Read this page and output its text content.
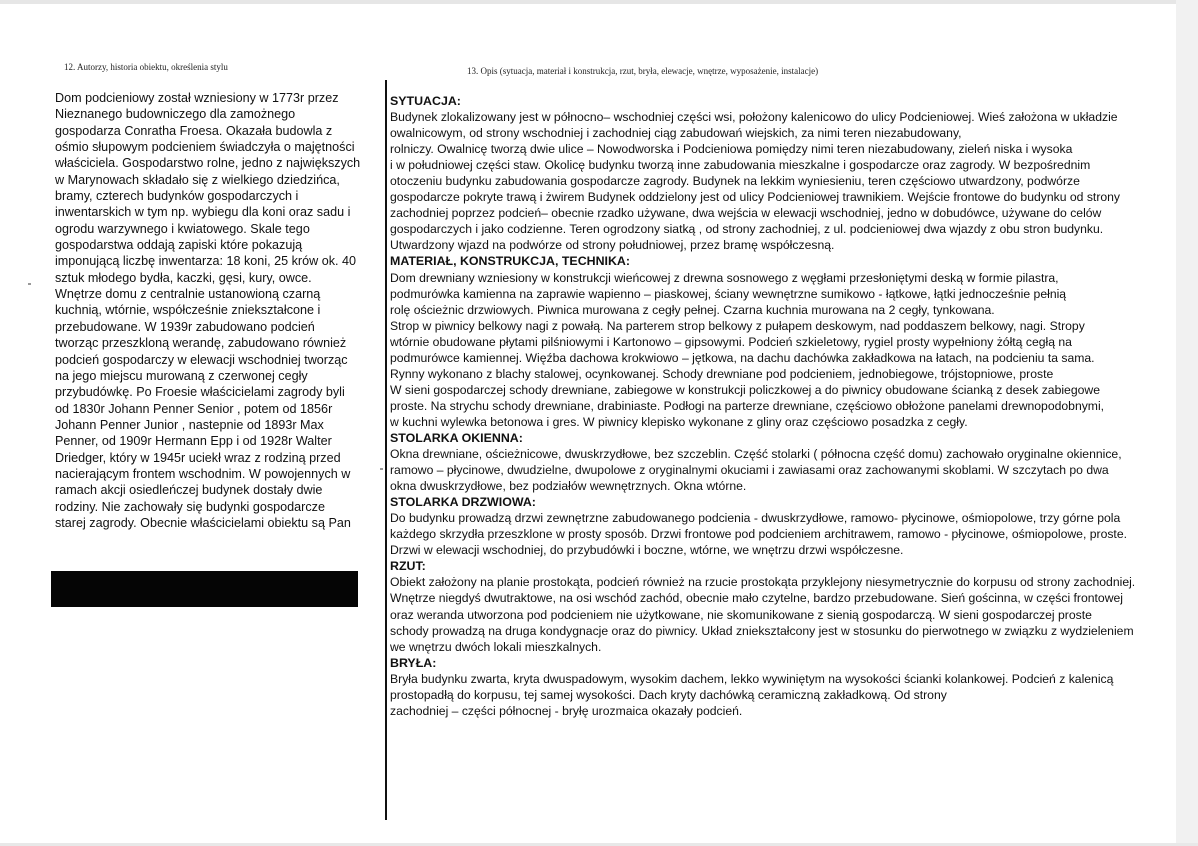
12. Autorzy, historia obiektu, określenia stylu	13. Opis (sytuacja, materiał i konstrukcja, rzut, bryła, elewacje, wnętrze, wyposażenie, instalacje)
Dom podcieniowy został wzniesiony w 1773r przez
Nieznanego budowniczego dla zamożnego
gospodarza Conratha Froesa. Okazała budowla z
ośmio słupowym podcieniem świadczyła o majętności
właściciela. Gospodarstwo rolne, jedno z największych
w Marynowach składało się z wielkiego dziedzińca,
bramy, czterech budynków gospodarczych i
inwentarskich w tym np. wybiegu dla koni oraz sadu i
ogrodu warzywnego i kwiatowego. Skale tego
gospodarstwa oddają zapiski które pokazują
imponującą liczbę inwentarza: 18 koni, 25 krów ok. 40
sztuk młodego bydła, kaczki, gęsi, kury, owce.
Wnętrze domu z centralnie ustanowioną czarną
kuchnią, wtórnie, współcześnie zniekształcone i
przebudowane. W 1939r zabudowano podcień
tworząc przeszkloną werandę, zabudowano również
podcień gospodarczy w elewacji wschodniej tworząc
na jego miejscu murowaną z czerwonej cegły
przybudówkę. Po Froesie właścicielami zagrody byli
od 1830r Johann Penner Senior , potem od 1856r
Johann Penner Junior , nastepnie od 1893r Max
Penner, od 1909r Hermann Epp i od 1928r Walter
Driedger, który w 1945r uciekł wraz z rodziną przed
nacierającym frontem wschodnim. W powojennych w
ramach akcji osiedleńczej budynek dostały dwie
rodziny. Nie zachowały się budynki gospodarcze
starej zagrody. Obecnie właścicielami obiektu są Pan
SYTUACJA:
Budynek zlokalizowany jest w północno– wschodniej części wsi, położony kalenicowo do ulicy Podcieniowej. Wieś założona w układzie
owalnicowym, od strony wschodniej i zachodniej ciąg zabudowań wiejskich, za nimi teren niezabudowany,
rolniczy. Owalnicę tworzą dwie ulice – Nowodworska i Podcieniowa pomiędzy nimi teren niezabudowany, zieleń niska i wysoka
i w południowej części staw. Okolicę budynku tworzą inne zabudowania mieszkalne i gospodarcze oraz zagrody. W bezpośrednim
otoczeniu budynku zabudowania gospodarcze zagrody. Budynek na lekkim wyniesieniu, teren częściowo utwardzony, podwórze
gospodarcze pokryte trawą i żwirem Budynek oddzielony jest od ulicy Podcieniowej trawnikiem. Wejście frontowe do budynku od strony
zachodniej poprzez podcień– obecnie rzadko używane, dwa wejścia w elewacji wschodniej, jedno w dobudówce, używane do celów
gospodarczych i jako codzienne. Teren ogrodzony siatką , od strony zachodniej, z ul. podcieniowej dwa wjazdy z obu stron budynku.
Utwardzony wjazd na podwórze od strony południowej, przez bramę współczesną.
MATERIAŁ, KONSTRUKCJA, TECHNIKA:
Dom drewniany wzniesiony w konstrukcji wieńcowej z drewna sosnowego z węgłami przesłoniętymi deską w formie pilastra,
podmurówka kamienna na zaprawie wapienno – piaskowej, ściany wewnętrzne sumikowo - łątkowe, łątki jednocześnie pełnią
rolę ościeżnic drzwiowych. Piwnica murowana z cegły pełnej. Czarna kuchnia murowana na 2 cegły, tynkowana.
Strop w piwnicy belkowy nagi z powałą. Na parterem strop belkowy z pułapem deskowym, nad poddaszem belkowy, nagi. Stropy
wtórnie obudowane płytami pilśniowymi i Kartonowo – gipsowymi. Podcień szkieletowy, rygiel prosty wypełniony żółtą cegłą na
podmurówce kamiennej. Więźba dachowa krokwiowo – jętkowa, na dachu dachówka zakładkowa na łatach, na podcieniu ta sama.
Rynny wykonano z blachy stalowej, ocynkowanej. Schody drewniane pod podcieniem, jednobiegowe, trójstopniowe, proste
W sieni gospodarczej schody drewniane, zabiegowe w konstrukcji policzkowej a do piwnicy obudowane ścianką z desek zabiegowe
proste. Na strychu schody drewniane, drabiniaste. Podłogi na parterze drewniane, częściowo obłożone panelami drewnopodobnymi,
w kuchni wylewka betonowa i gres. W piwnicy klepisko wykonane z gliny oraz częściowo posadzka z cegły.
STOLARKA OKIENNA:
Okna drewniane, ościeżnicowe, dwuskrzydłowe, bez szczeblin. Część stolarki ( północna część domu) zachowało oryginalne okiennice,
ramowo – płycinowe, dwudzielne, dwupolowe z oryginalnymi okuciami i zawiasami oraz zachowanymi skoblami. W szczytach po dwa
okna dwuskrzydłowe, bez podziałów wewnętrznych. Okna wtórne.
STOLARKA DRZWIOWA:
Do budynku prowadzą drzwi zewnętrzne zabudowanego podcienia - dwuskrzydłowe, ramowo- płycinowe, ośmiopolowe, trzy górne pola
każdego skrzydła przeszklone w prosty sposób. Drzwi frontowe pod podcieniem architrawem, ramowo - płycinowe, ośmiopolowe, proste.
Drzwi w elewacji wschodniej, do przybudówki i boczne, wtórne, we wnętrzu drzwi współczesne.
RZUT:
Obiekt założony na planie prostokąta, podcień również na rzucie prostokąta przyklejony niesymetrycznie do korpusu od strony zachodniej.
Wnętrze niegdyś dwutraktowe, na osi wschód zachód, obecnie mało czytelne, bardzo przebudowane. Sień gościnna, w części frontowej
oraz weranda utworzona pod podcieniem nie użytkowane, nie skomunikowane z sienią gospodarczą. W sieni gospodarczej proste
schody prowadzą na druga kondygnacje oraz do piwnicy. Układ zniekształcony jest w stosunku do pierwotnego w związku z wydzieleniem
we wnętrzu dwóch lokali mieszkalnych.
BRYŁA:
Bryła budynku zwarta, kryta dwuspadowym, wysokim dachem, lekko wywiniętym na wysokości ścianki kolankowej. Podcień z kalenicą
prostopadłą do korpusu, tej samej wysokości. Dach kryty dachówką ceramiczną zakładkową. Od strony
zachodniej – części północnej - bryłę urozmaica okazały podcień.
